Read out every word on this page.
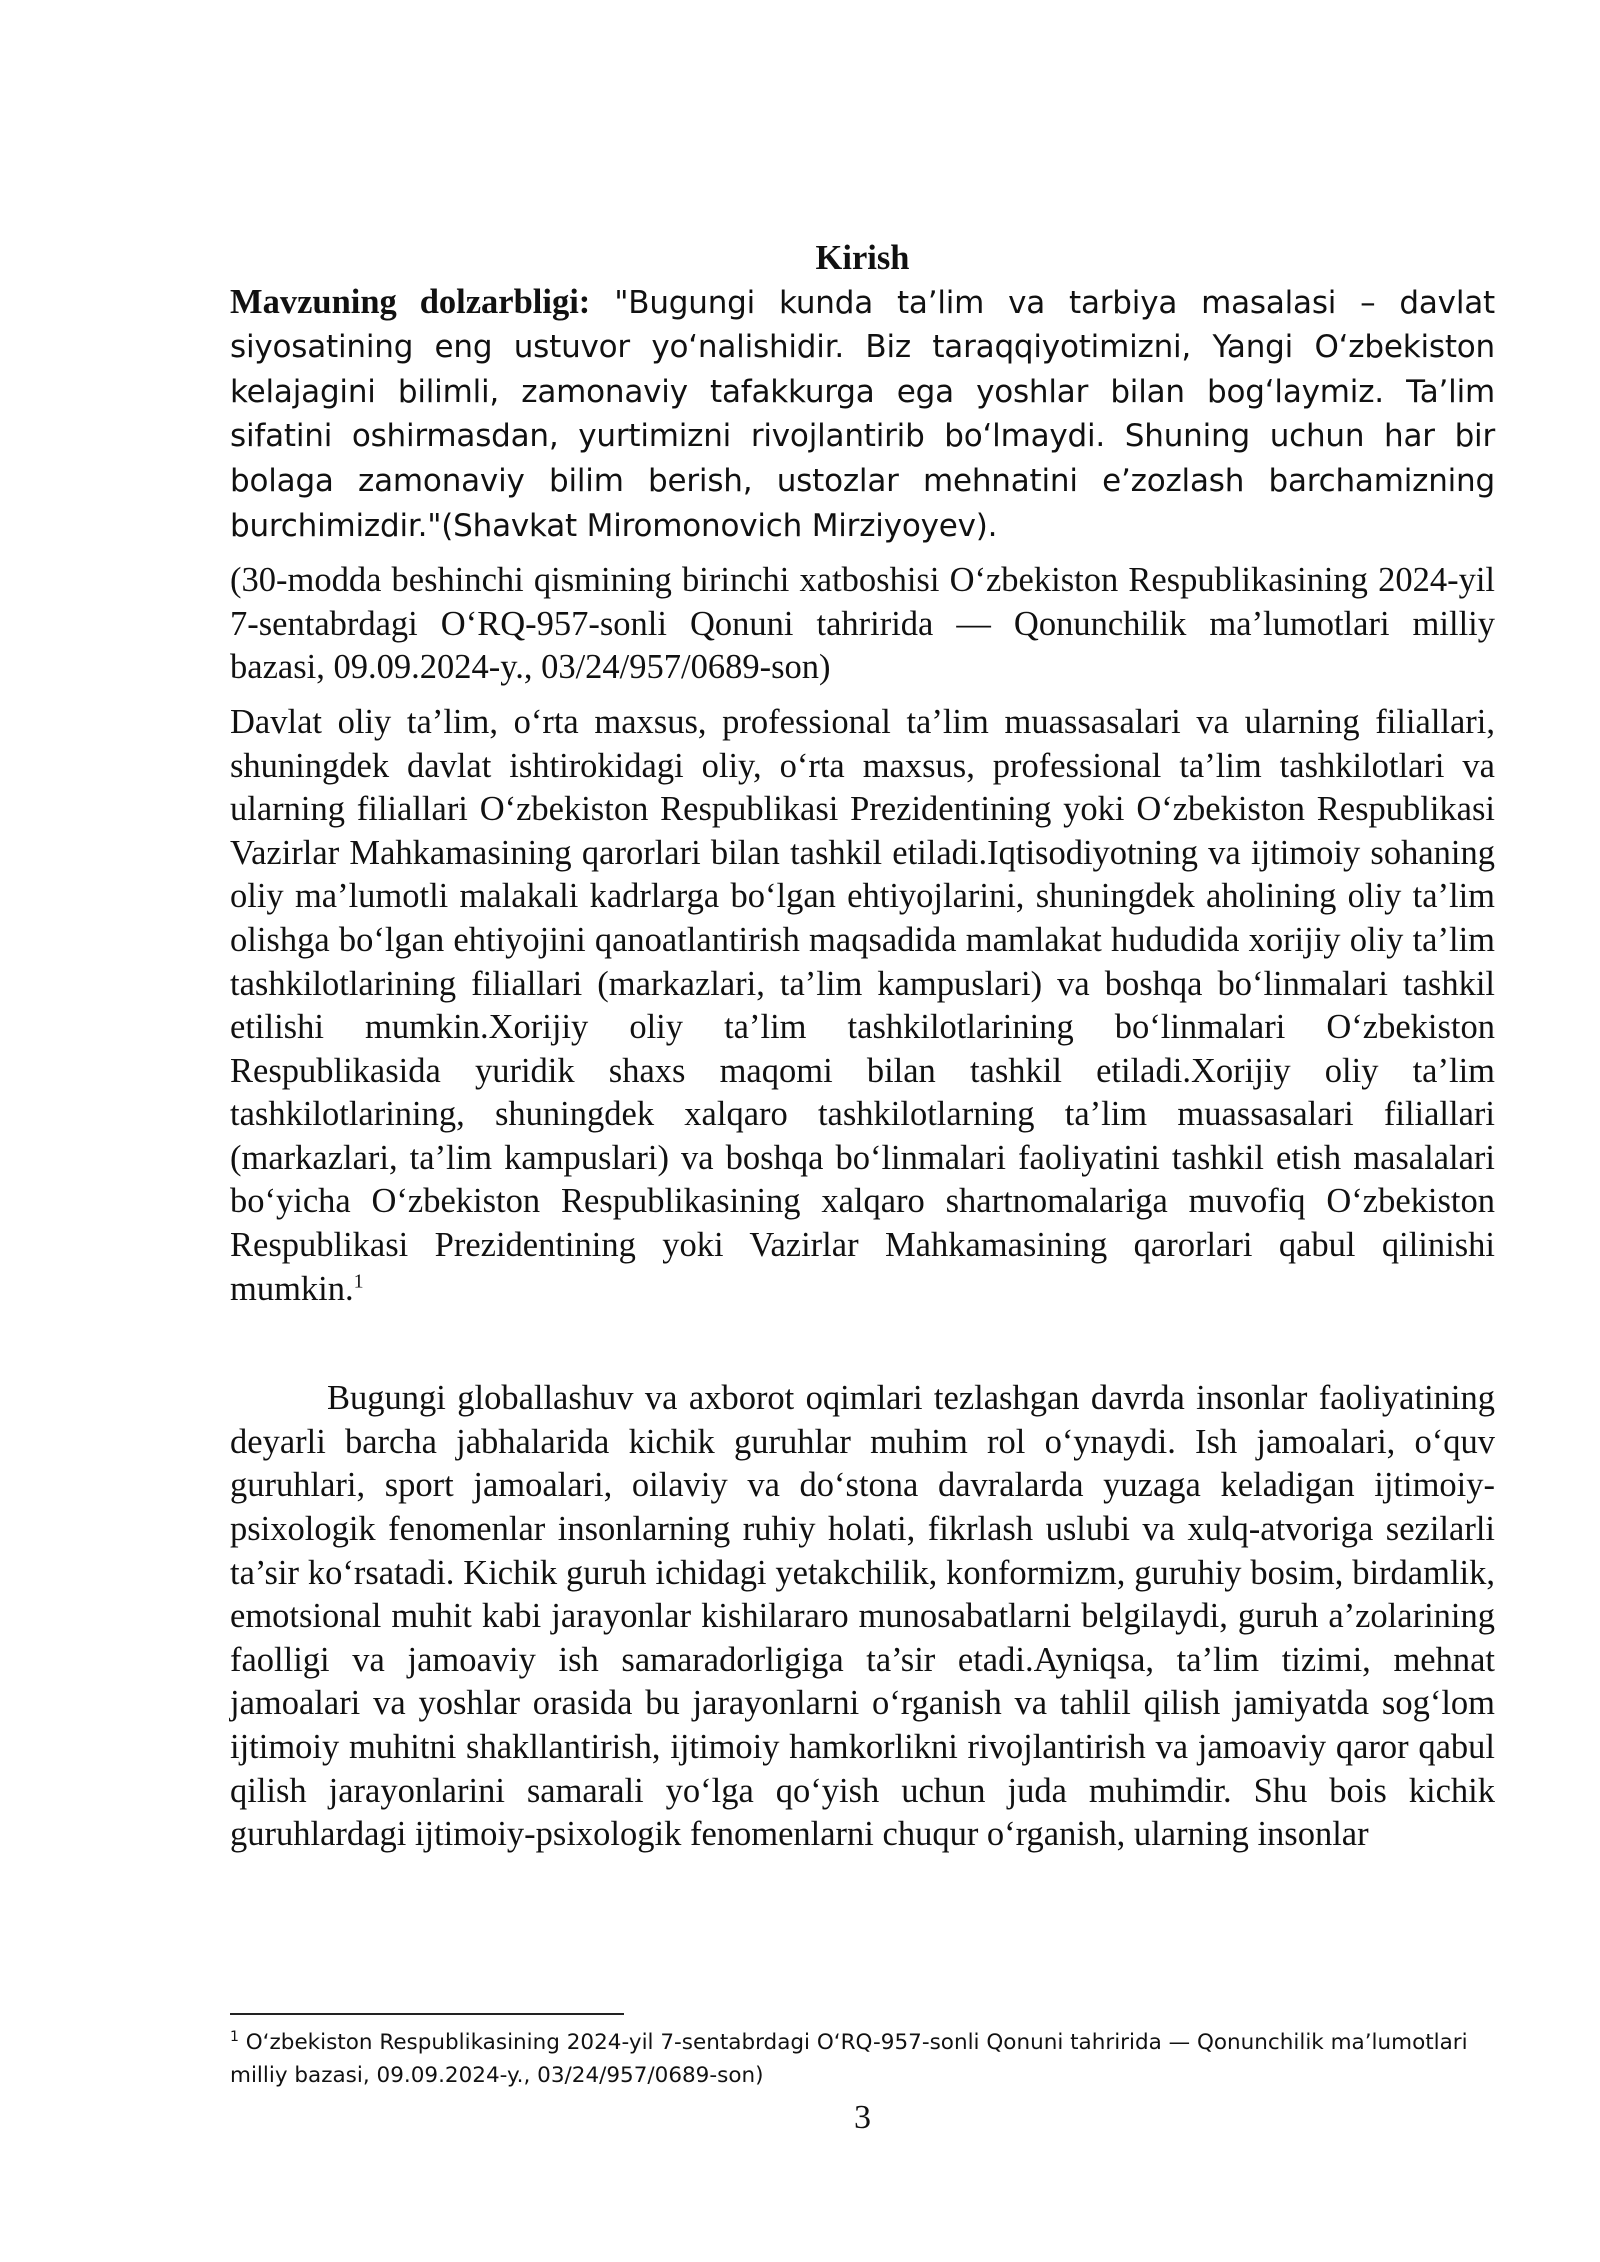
Kirish

Mavzuning dolzarbligi: "Bugungi kunda ta’lim va tarbiya masalasi – davlat siyosatining eng ustuvor yo‘nalishidir. Biz taraqqiyotimizni, Yangi O‘zbekiston kelajagini bilimli, zamonaviy tafakkurga ega yoshlar bilan bog‘laymiz. Ta’lim sifatini oshirmasdan, yurtimizni rivojlantirib bo‘lmaydi. Shuning uchun har bir bolaga zamonaviy bilim berish, ustozlar mehnatini e’zozlash barchamizning burchimizdir."(Shavkat Miromonovich Mirziyoyev).

(30-modda beshinchi qismining birinchi xatboshisi O‘zbekiston Respublikasining 2024-yil 7-sentabrdagi O‘RQ-957-sonli Qonuni tahririda — Qonunchilik ma’lumotlari milliy bazasi, 09.09.2024-y., 03/24/957/0689-son)

Davlat oliy ta’lim, o‘rta maxsus, professional ta’lim muassasalari va ularning filiallari, shuningdek davlat ishtirokidagi oliy, o‘rta maxsus, professional ta’lim tashkilotlari va ularning filiallari O‘zbekiston Respublikasi Prezidentining yoki O‘zbekiston Respublikasi Vazirlar Mahkamasining qarorlari bilan tashkil etiladi.Iqtisodiyotning va ijtimoiy sohaning oliy ma’lumotli malakali kadrlarga bo‘lgan ehtiyojlarini, shuningdek aholining oliy ta’lim olishga bo‘lgan ehtiyojini qanoatlantirish maqsadida mamlakat hududida xorijiy oliy ta’lim tashkilotlarining filiallari (markazlari, ta’lim kampuslari) va boshqa bo‘linmalari tashkil etilishi mumkin.Xorijiy oliy ta’lim tashkilotlarining bo‘linmalari O‘zbekiston Respublikasida yuridik shaxs maqomi bilan tashkil etiladi.Xorijiy oliy ta’lim tashkilotlarining, shuningdek xalqaro tashkilotlarning ta’lim muassasalari filiallari (markazlari, ta’lim kampuslari) va boshqa bo‘linmalari faoliyatini tashkil etish masalalari bo‘yicha O‘zbekiston Respublikasining xalqaro shartnomalariga muvofiq O‘zbekiston Respublikasi Prezidentining yoki Vazirlar Mahkamasining qarorlari qabul qilinishi mumkin.$^1$

Bugungi globallashuv va axborot oqimlari tezlashgan davrda insonlar faoliyatining deyarli barcha jabhalarida kichik guruhlar muhim rol o‘ynaydi. Ish jamoalari, o‘quv guruhlari, sport jamoalari, oilaviy va do‘stona davralarda yuzaga keladigan ijtimoiy-psixologik fenomenlar insonlarning ruhiy holati, fikrlash uslubi va xulq-atvoriga sezilarli ta’sir ko‘rsatadi. Kichik guruh ichidagi yetakchilik, konformizm, guruhiy bosim, birdamlik, emotsional muhit kabi jarayonlar kishilararo munosabatlarni belgilaydi, guruh a’zolarining faolligi va jamoaviy ish samaradorligiga ta’sir etadi.Ayniqsa, ta’lim tizimi, mehnat jamoalari va yoshlar orasida bu jarayonlarni o‘rganish va tahlil qilish jamiyatda sog‘lom ijtimoiy muhitni shakllantirish, ijtimoiy hamkorlikni rivojlantirish va jamoaviy qaror qabul qilish jarayonlarini samarali yo‘lga qo‘yish uchun juda muhimdir. Shu bois kichik guruhlardagi ijtimoiy-psixologik fenomenlarni chuqur o‘rganish, ularning insonlar

$^1$ O‘zbekiston Respublikasining 2024-yil 7-sentabrdagi O‘RQ-957-sonli Qonuni tahririda — Qonunchilik ma’lumotlari milliy bazasi, 09.09.2024-y., 03/24/957/0689-son)
3
